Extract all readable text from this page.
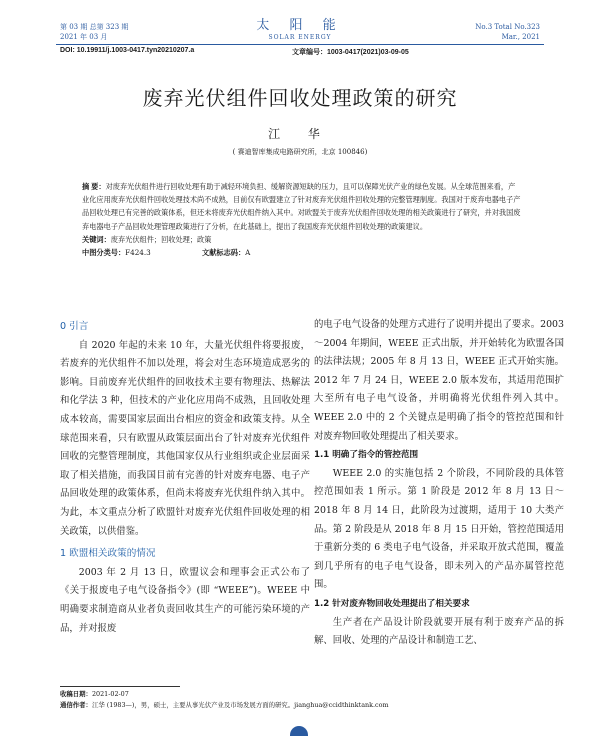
第 03 期 总第 323 期
2021 年 03 月
太 阳 能
SOLAR ENERGY
No.3 Total No.323
Mar., 2021
DOI: 10.19911/j.1003-0417.tyn20210207.a	文章编号：1003-0417(2021)03-09-05
废弃光伏组件回收处理政策的研究
江 华
( 赛迪智库集成电路研究所，北京 100846)

摘 要：对废弃光伏组件进行回收处理有助于减轻环境负担、缓解资源短缺的压力，且可以保障光伏产业的绿色发展。从全球范围来看，产业化应用废弃光伏组件回收处理技术尚不成熟，目前仅有欧盟建立了针对废弃光伏组件回收处理的完整管理制度。我国对于废弃电器电子产品回收处理已有完善的政策体系，但还未将废弃光伏组件纳入其中。对欧盟关于废弃光伏组件回收处理的相关政策进行了研究，并对我国废弃电器电子产品回收处理管理政策进行了分析，在此基础上，提出了我国废弃光伏组件回收处理的政策建议。

关键词：废弃光伏组件；回收处理；政策
中图分类号：F424.3	文献标志码：A
0 引言

自 2020 年起的未来 10 年，大量光伏组件将要报废，若废弃的光伏组件不加以处理，将会对生态环境造成恶劣的影响。目前废弃光伏组件的回收技术主要有物理法、热解法和化学法 3 种，但技术的产业化应用尚不成熟，且回收处理成本较高，需要国家层面出台相应的资金和政策支持。从全球范围来看，只有欧盟从政策层面出台了针对废弃光伏组件回收的完整管理制度，其他国家仅从行业组织或企业层面采取了相关措施，而我国目前有完善的针对废弃电器、电子产品回收处理的政策体系，但尚未将废弃光伏组件纳入其中。为此，本文重点分析了欧盟针对废弃光伏组件回收处理的相关政策，以供借鉴。

1 欧盟相关政策的情况

2003 年 2 月 13 日，欧盟议会和理事会正式公布了《关于报废电子电气设备指令》(即 “WEEE”)。WEEE 中明确要求制造商从业者负责回收其生产的可能污染环境的产品，并对报废

的电子电气设备的处理方式进行了说明并提出了要求。2003～2004 年期间，WEEE 正式出版，并开始转化为欧盟各国的法律法规；2005 年 8 月 13 日，WEEE 正式开始实施。2012 年 7 月 24 日，WEEE 2.0 版本发布，其适用范围扩大至所有电子电气设备，并明确将光伏组件列入其中。WEEE 2.0 中的 2 个关键点是明确了指令的管控范围和针对废弃物回收处理提出了相关要求。

1.1 明确了指令的管控范围

WEEE 2.0 的实施包括 2 个阶段，不同阶段的具体管控范围如表 1 所示。第 1 阶段是 2012 年 8 月 13 日～2018 年 8 月 14 日，此阶段为过渡期，适用于 10 大类产品。第 2 阶段是从 2018 年 8 月 15 日开始，管控范围适用于重新分类的 6 类电子电气设备，并采取开放式范围，覆盖到几乎所有的电子电气设备，即未列入的产品亦属管控范围。

1.2 针对废弃物回收处理提出了相关要求

生产者在产品设计阶段就要开展有利于废弃产品的拆解、回收、处理的产品设计和制造工艺、

收稿日期：2021-02-07
通信作者：江华 (1983—)，男，硕士，主要从事光伏产业及市场发展方面的研究。jianghua@ccidthinktank.com
